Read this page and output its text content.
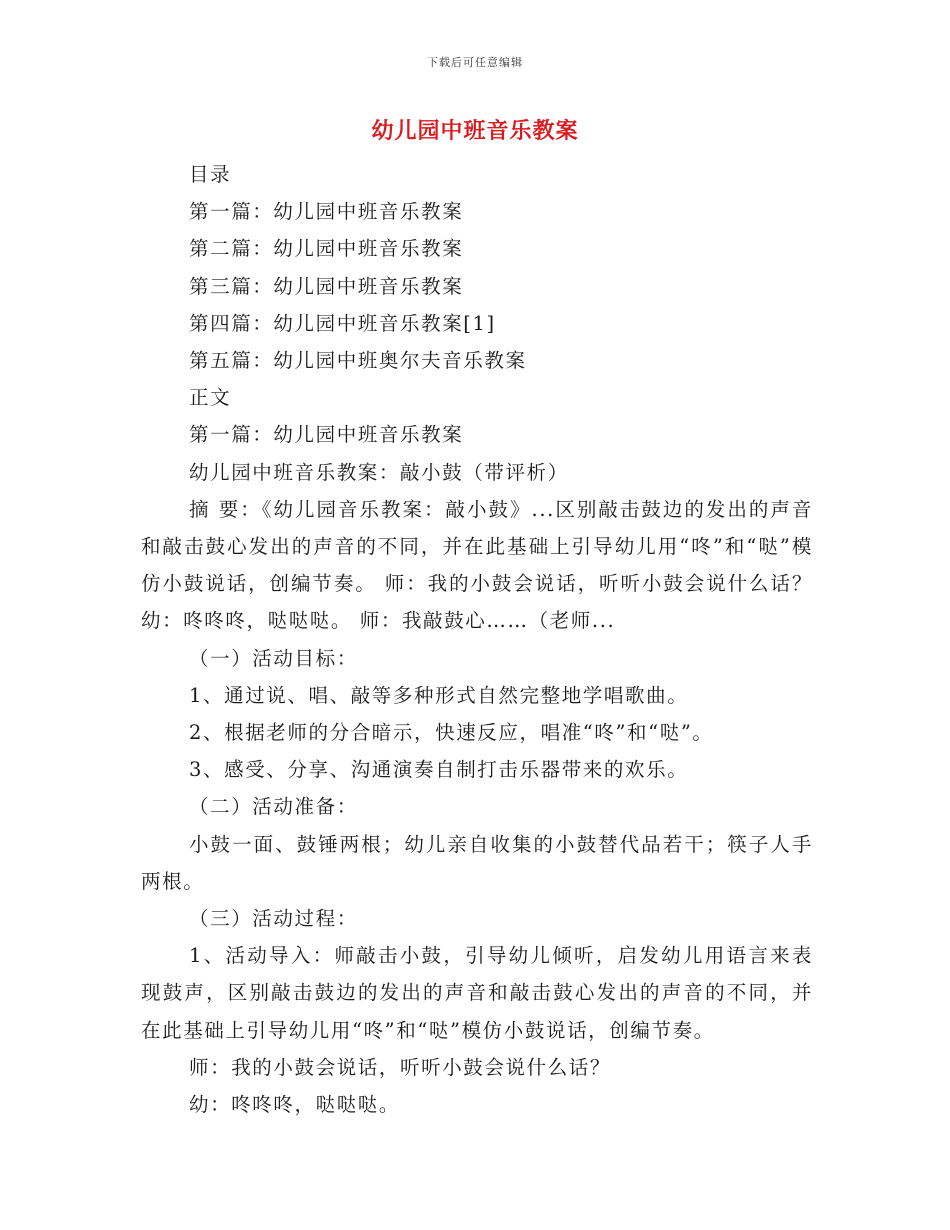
下载后可任意编辑
幼儿园中班音乐教案
目录
第一篇：幼儿园中班音乐教案
第二篇：幼儿园中班音乐教案
第三篇：幼儿园中班音乐教案
第四篇：幼儿园中班音乐教案[1]
第五篇：幼儿园中班奥尔夫音乐教案
正文
第一篇：幼儿园中班音乐教案
幼儿园中班音乐教案：敲小鼓（带评析）
摘 要：《幼儿园音乐教案：敲小鼓》...区别敲击鼓边的发出的声音和敲击鼓心发出的声音的不同，并在此基础上引导幼儿用“咚”和“哒”模仿小鼓说话，创编节奏。 师：我的小鼓会说话，听听小鼓会说什么话？ 幼：咚咚咚，哒哒哒。 师：我敲鼓心……（老师...
（一）活动目标：
1、通过说、唱、敲等多种形式自然完整地学唱歌曲。
2、根据老师的分合暗示，快速反应，唱准“咚”和“哒”。
3、感受、分享、沟通演奏自制打击乐器带来的欢乐。
（二）活动准备：
小鼓一面、鼓锤两根；幼儿亲自收集的小鼓替代品若干；筷子人手两根。
（三）活动过程：
1、活动导入：师敲击小鼓，引导幼儿倾听，启发幼儿用语言来表现鼓声，区别敲击鼓边的发出的声音和敲击鼓心发出的声音的不同，并在此基础上引导幼儿用“咚”和“哒”模仿小鼓说话，创编节奏。
师：我的小鼓会说话，听听小鼓会说什么话？
幼：咚咚咚，哒哒哒。
